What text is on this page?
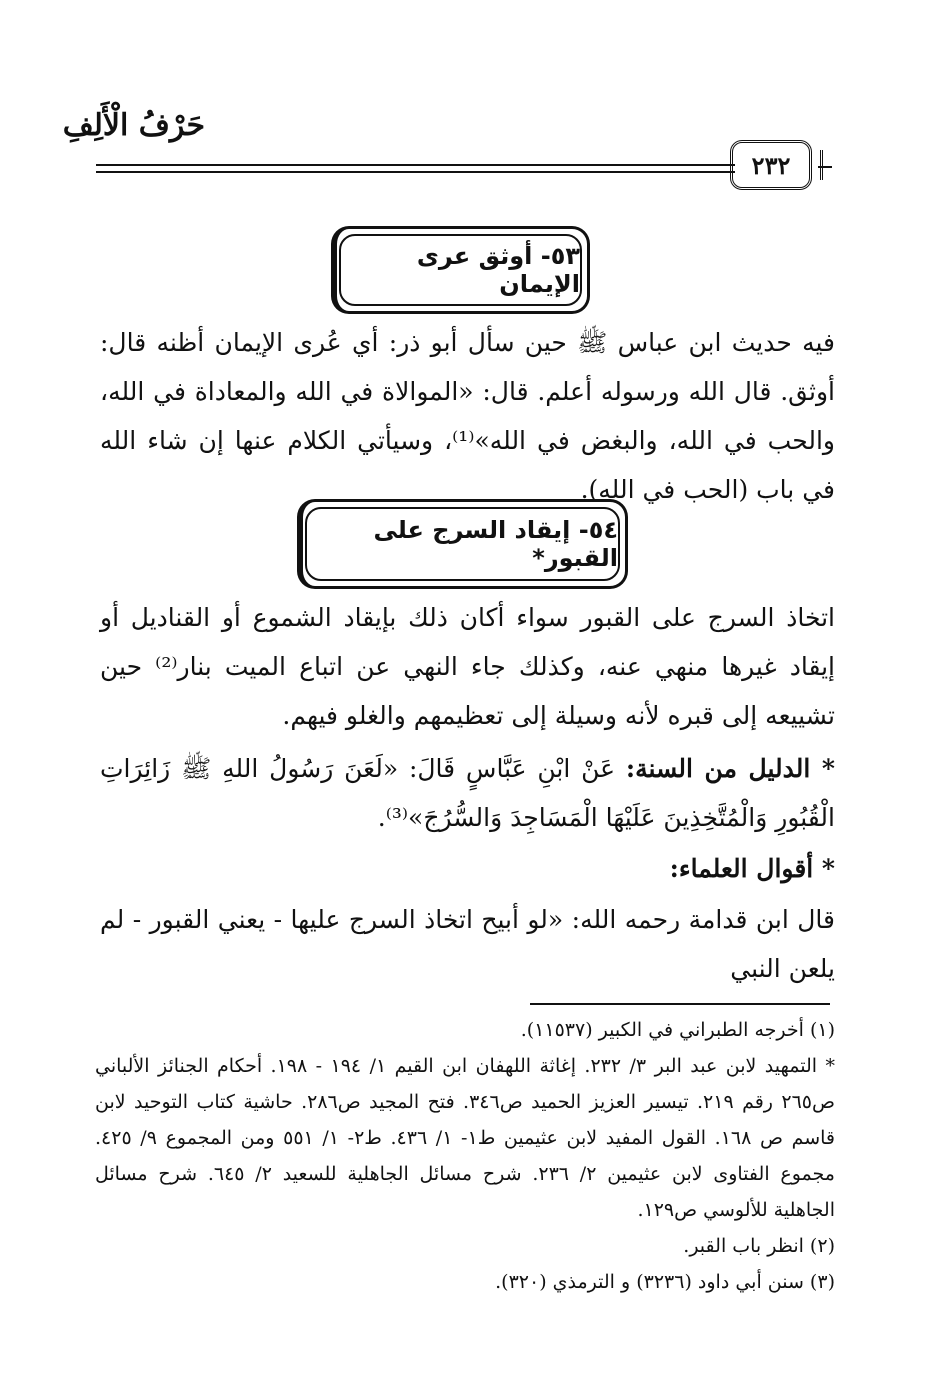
حَرْفُ الْأَلِفِ
٢٣٢
٥٣- أوثق عرى الإيمان

فيه حديث ابن عباس ﷺ حين سأل أبو ذر: أي عُرى الإيمان أظنه قال: أوثق. قال الله ورسوله أعلم. قال: «الموالاة في الله والمعاداة في الله، والحب في الله، والبغض في الله»⁽¹⁾، وسيأتي الكلام عنها إن شاء الله في باب (الحب في الله).

٥٤- إيقاد السرج على القبور*

اتخاذ السرج على القبور سواء أكان ذلك بإيقاد الشموع أو القناديل أو إيقاد غيرها منهي عنه، وكذلك جاء النهي عن اتباع الميت بنار⁽²⁾ حين تشييعه إلى قبره لأنه وسيلة إلى تعظيمهم والغلو فيهم.

* الدليل من السنة: عَنْ ابْنِ عَبَّاسٍ قَالَ: «لَعَنَ رَسُولُ اللهِ ﷺ زَائِرَاتِ الْقُبُورِ وَالْمُتَّخِذِينَ عَلَيْهَا الْمَسَاجِدَ وَالسُّرُجَ»⁽³⁾.

* أقوال العلماء:

قال ابن قدامة رحمه الله: «لو أبيح اتخاذ السرج عليها - يعني القبور - لم يلعن النبي

(١) أخرجه الطبراني في الكبير (١١٥٣٧).

* التمهيد لابن عبد البر ٣/ ٢٣٢. إغاثة اللهفان ابن القيم ١/ ١٩٤ - ١٩٨. أحكام الجنائز الألباني ص٢٦٥ رقم ٢١٩. تيسير العزيز الحميد ص٣٤٦. فتح المجيد ص٢٨٦. حاشية كتاب التوحيد لابن قاسم ص ١٦٨. القول المفيد لابن عثيمين ط١- ١/ ٤٣٦. ط٢- ١/ ٥٥١ ومن المجموع ٩/ ٤٢٥. مجموع الفتاوى لابن عثيمين ٢/ ٢٣٦. شرح مسائل الجاهلية للسعيد ٢/ ٦٤٥. شرح مسائل الجاهلية للألوسي ص١٢٩.

(٢) انظر باب القبر.

(٣) سنن أبي داود (٣٢٣٦) و الترمذي (٣٢٠).
